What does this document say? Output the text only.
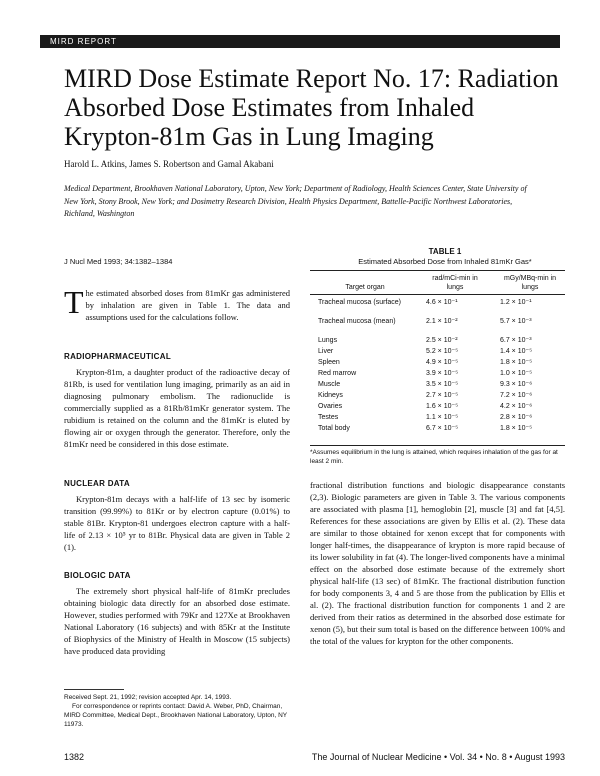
MIRD REPORT
MIRD Dose Estimate Report No. 17: Radiation Absorbed Dose Estimates from Inhaled Krypton-81m Gas in Lung Imaging
Harold L. Atkins, James S. Robertson and Gamal Akabani
Medical Department, Brookhaven National Laboratory, Upton, New York; Department of Radiology, Health Sciences Center, State University of New York, Stony Brook, New York; and Dosimetry Research Division, Health Physics Department, Battelle-Pacific Northwest Laboratories, Richland, Washington
J Nucl Med 1993; 34:1382–1384

The estimated absorbed doses from 81mKr gas administered by inhalation are given in Table 1. The data and assumptions used for the calculations follow.

RADIOPHARMACEUTICAL

Krypton-81m, a daughter product of the radioactive decay of 81Rb, is used for ventilation lung imaging, primarily as an aid in diagnosing pulmonary embolism. The radionuclide is commercially supplied as a 81Rb/81mKr generator system. The rubidium is retained on the column and the 81mKr is eluted by flowing air or oxygen through the generator. Therefore, only the 81mKr need be considered in this dose estimate.

NUCLEAR DATA

Krypton-81m decays with a half-life of 13 sec by isomeric transition (99.99%) to 81Kr or by electron capture (0.01%) to stable 81Br. Krypton-81 undergoes electron capture with a half-life of 2.13 × 10⁵ yr to 81Br. Physical data are given in Table 2 (1).

BIOLOGIC DATA

The extremely short physical half-life of 81mKr precludes obtaining biologic data directly for an absorbed dose estimate. However, studies performed with 79Kr and 127Xe at Brookhaven National Laboratory (16 subjects) and with 85Kr at the Institute of Biophysics of the Ministry of Health in Moscow (15 subjects) have produced data providing

Received Sept. 21, 1992; revision accepted Apr. 14, 1993.
For correspondence or reprints contact: David A. Weber, PhD, Chairman, MIRD Committee, Medical Dept., Brookhaven National Laboratory, Upton, NY 11973.
TABLE 1
Estimated Absorbed Dose from Inhaled 81mKr Gas*
Target organ
rad/mCi-min in lungs
mGy/MBq-min in lungs
Tracheal mucosa (surface)	4.6 × 10⁻¹	1.2 × 10⁻¹
Tracheal mucosa (mean)	2.1 × 10⁻²	5.7 × 10⁻³
Lungs	2.5 × 10⁻²	6.7 × 10⁻³
Liver	5.2 × 10⁻⁵	1.4 × 10⁻⁵
Spleen	4.9 × 10⁻⁵	1.8 × 10⁻⁵
Red marrow	3.9 × 10⁻⁵	1.0 × 10⁻⁵
Muscle	3.5 × 10⁻⁵	9.3 × 10⁻⁶
Kidneys	2.7 × 10⁻⁵	7.2 × 10⁻⁶
Ovaries	1.6 × 10⁻⁵	4.2 × 10⁻⁶
Testes	1.1 × 10⁻⁵	2.8 × 10⁻⁶
Total body	6.7 × 10⁻⁵	1.8 × 10⁻⁵
*Assumes equilibrium in the lung is attained, which requires inhalation of the gas for at least 2 min.

fractional distribution functions and biologic disappearance constants (2,3). Biologic parameters are given in Table 3. The various components are associated with plasma [1], hemoglobin [2], muscle [3] and fat [4,5]. References for these associations are given by Ellis et al. (2). These data are similar to those obtained for xenon except that for components with longer half-times, the disappearance of krypton is more rapid because of its lower solubility in fat (4). The longer-lived components have a minimal effect on the absorbed dose estimate because of the extremely short physical half-life (13 sec) of 81mKr. The fractional distribution function for body components 3, 4 and 5 are those from the publication by Ellis et al. (2). The fractional distribution function for components 1 and 2 are derived from their ratios as determined in the absorbed dose estimate for xenon (5), but their sum total is based on the difference between 100% and the total of the values for krypton for the other components.

1382	The Journal of Nuclear Medicine • Vol. 34 • No. 8 • August 1993
